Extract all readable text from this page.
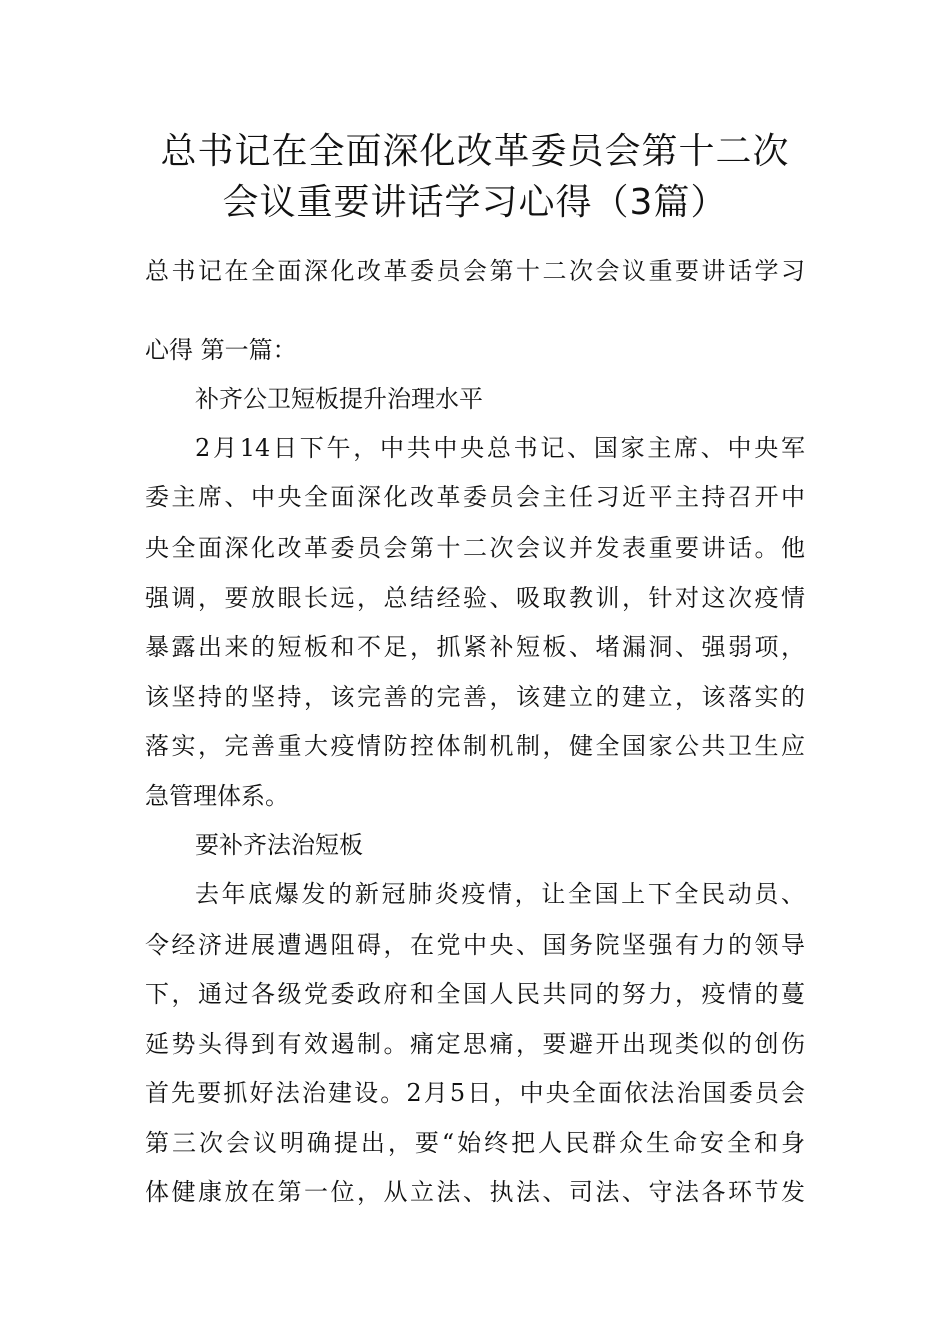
总书记在全面深化改革委员会第十二次
会议重要讲话学习心得（3篇）
总书记在全面深化改革委员会第十二次会议重要讲话学习
心得 第一篇：
补齐公卫短板提升治理水平
2月14日下午，中共中央总书记、国家主席、中央军
委主席、中央全面深化改革委员会主任习近平主持召开中
央全面深化改革委员会第十二次会议并发表重要讲话。他
强调，要放眼长远，总结经验、吸取教训，针对这次疫情
暴露出来的短板和不足，抓紧补短板、堵漏洞、强弱项，
该坚持的坚持，该完善的完善，该建立的建立，该落实的
落实，完善重大疫情防控体制机制，健全国家公共卫生应
急管理体系。
要补齐法治短板
去年底爆发的新冠肺炎疫情，让全国上下全民动员、
令经济进展遭遇阻碍，在党中央、国务院坚强有力的领导
下，通过各级党委政府和全国人民共同的努力，疫情的蔓
延势头得到有效遏制。痛定思痛，要避开出现类似的创伤
首先要抓好法治建设。2月5日，中央全面依法治国委员会
第三次会议明确提出，要“始终把人民群众生命安全和身
体健康放在第一位，从立法、执法、司法、守法各环节发
